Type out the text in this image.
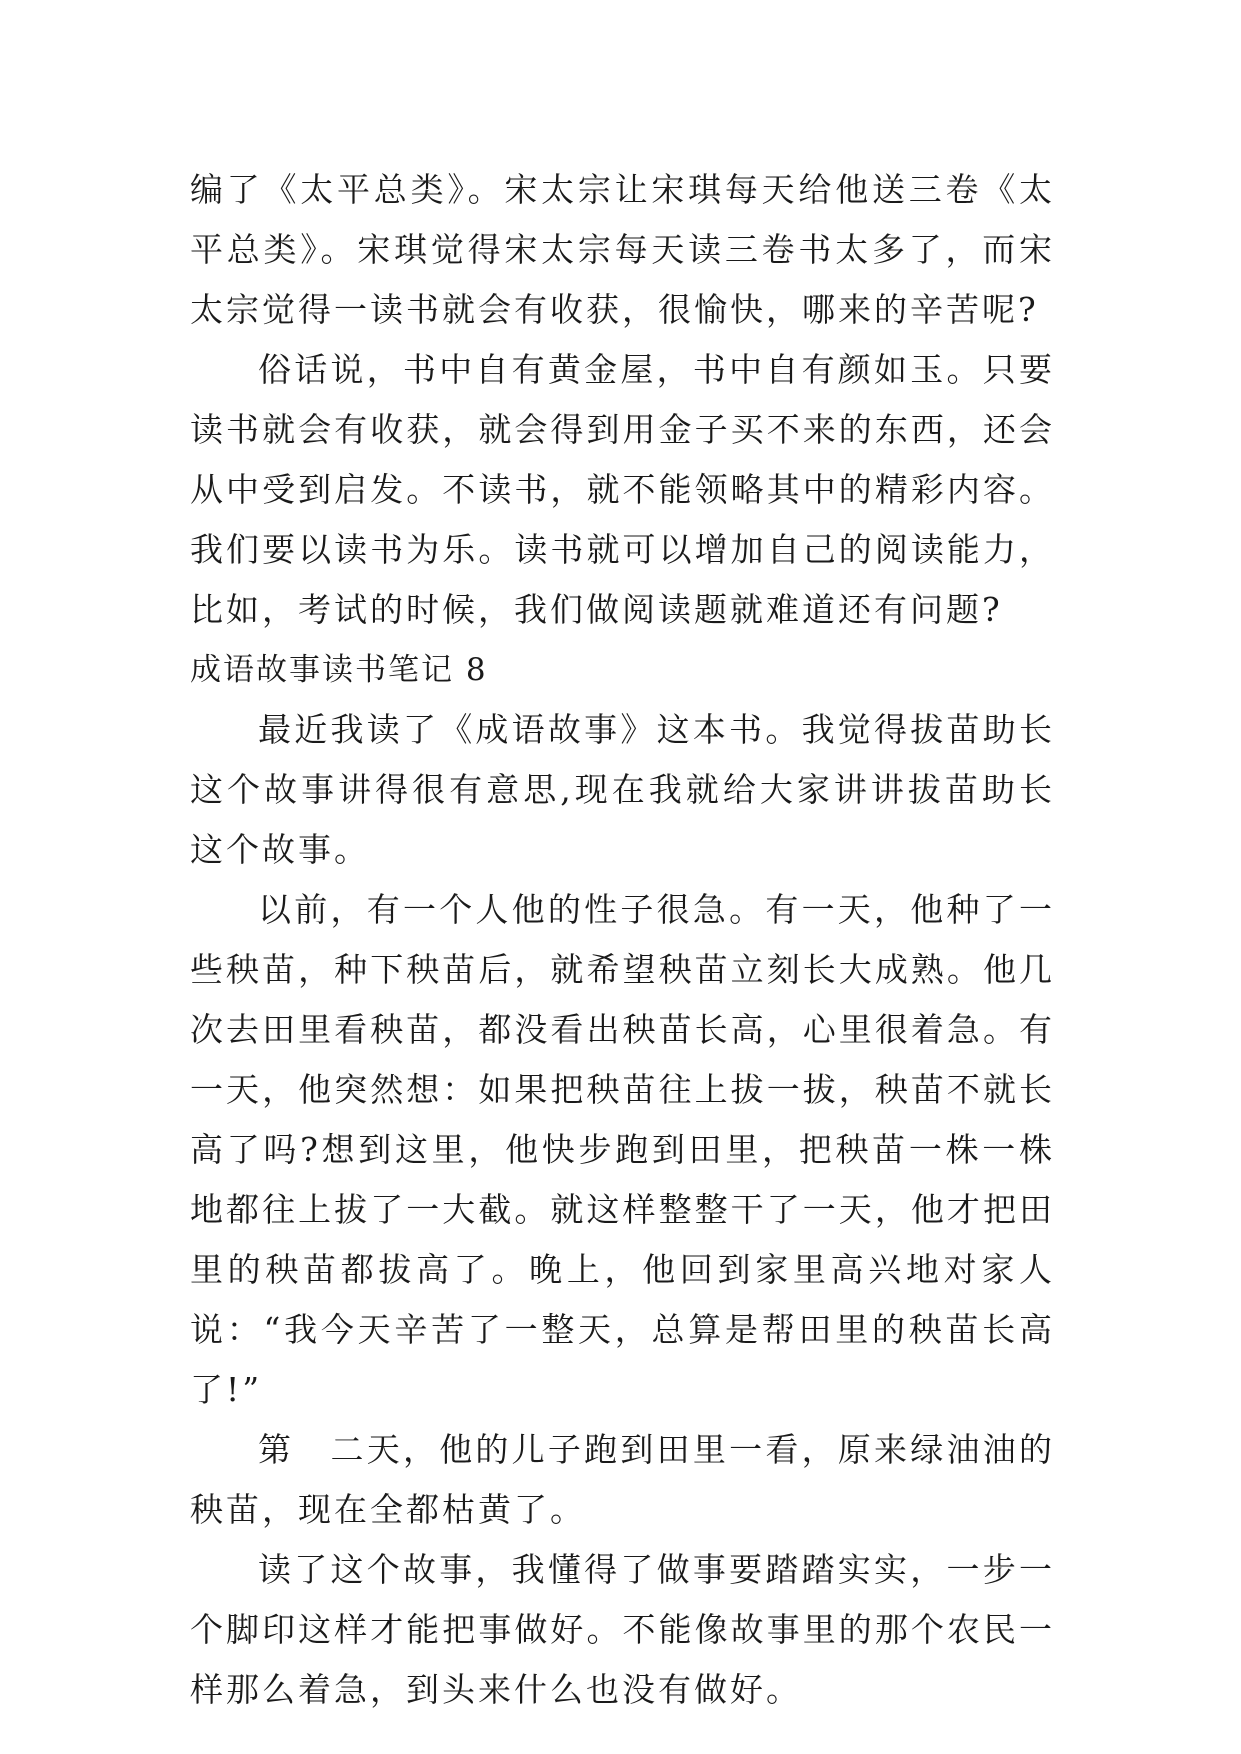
编了《太平总类》。宋太宗让宋琪每天给他送三卷《太平总类》。宋琪觉得宋太宗每天读三卷书太多了，而宋太宗觉得一读书就会有收获，很愉快，哪来的辛苦呢?

俗话说，书中自有黄金屋，书中自有颜如玉。只要读书就会有收获，就会得到用金子买不来的东西，还会从中受到启发。不读书，就不能领略其中的精彩内容。我们要以读书为乐。读书就可以增加自己的阅读能力，比如，考试的时候，我们做阅读题就难道还有问题?

成语故事读书笔记 8

最近我读了《成语故事》这本书。我觉得拔苗助长这个故事讲得很有意思,现在我就给大家讲讲拔苗助长这个故事。

以前，有一个人他的性子很急。有一天，他种了一些秧苗，种下秧苗后，就希望秧苗立刻长大成熟。他几次去田里看秧苗，都没看出秧苗长高，心里很着急。有一天，他突然想：如果把秧苗往上拔一拔，秧苗不就长高了吗?想到这里，他快步跑到田里，把秧苗一株一株地都往上拔了一大截。就这样整整干了一天，他才把田里的秧苗都拔高了。晚上，他回到家里高兴地对家人说：“我今天辛苦了一整天，总算是帮田里的秧苗长高了!”

第　二天，他的儿子跑到田里一看，原来绿油油的秧苗，现在全都枯黄了。

读了这个故事，我懂得了做事要踏踏实实，一步一个脚印这样才能把事做好。不能像故事里的那个农民一样那么着急，到头来什么也没有做好。
